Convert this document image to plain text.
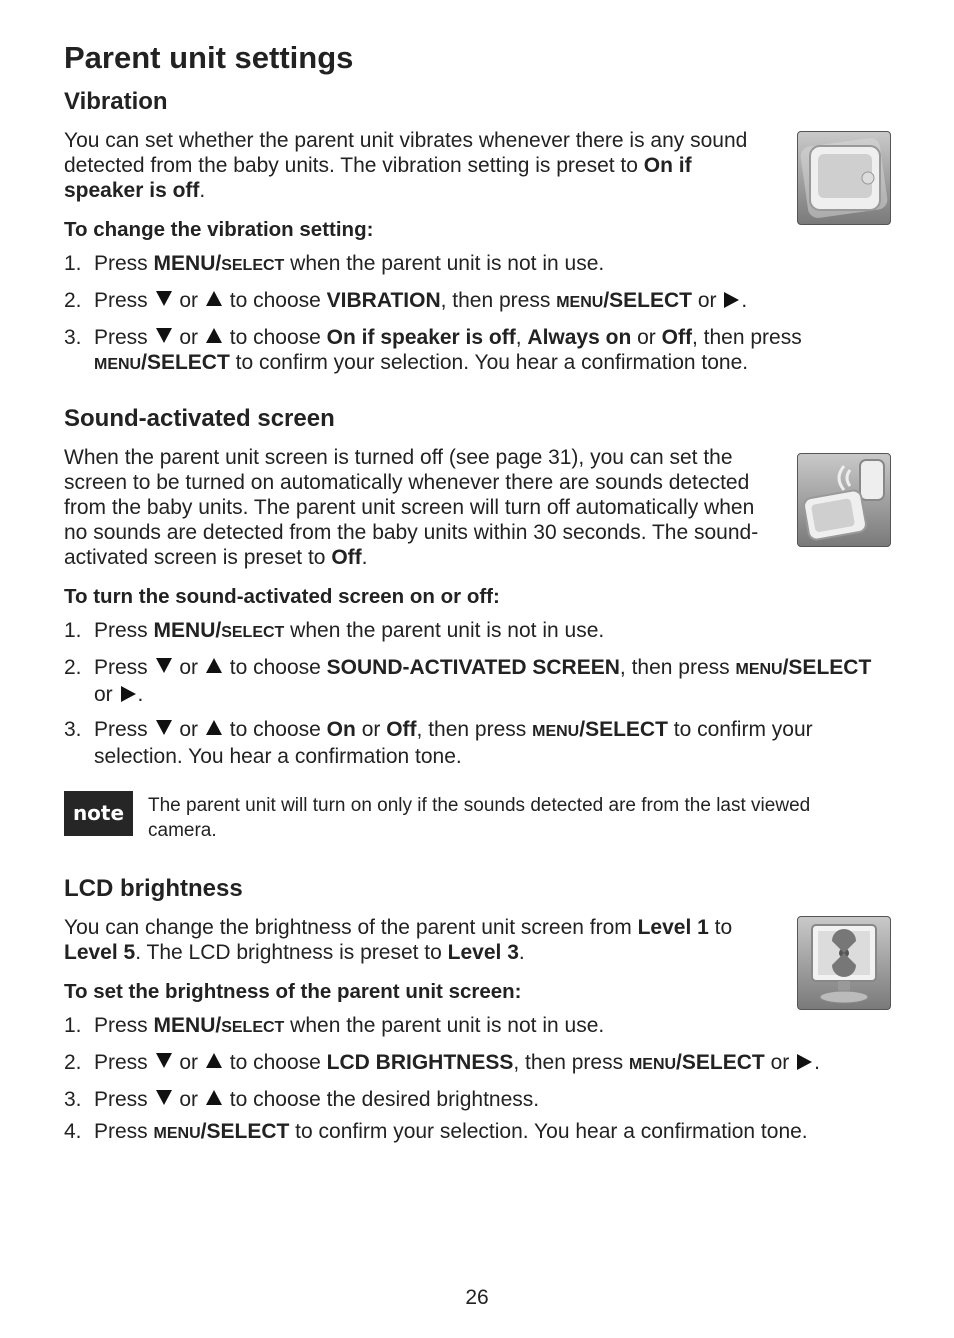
Parent unit settings
Vibration

You can set whether the parent unit vibrates whenever there is any sound detected from the baby units. The vibration setting is preset to On if speaker is off.

To change the vibration setting:

1. Press MENU/SELECT when the parent unit is not in use.
2. Press or to choose VIBRATION, then press MENU/SELECT or .
3. Press or to choose On if speaker is off, Always on or Off, then press MENU/SELECT to confirm your selection. You hear a confirmation tone.
Sound-activated screen

When the parent unit screen is turned off (see page 31), you can set the screen to be turned on automatically whenever there are sounds detected from the baby units. The parent unit screen will turn off automatically when no sounds are detected from the baby units within 30 seconds. The sound-activated screen is preset to Off.

To turn the sound-activated screen on or off:

1. Press MENU/SELECT when the parent unit is not in use.
2. Press or to choose SOUND-ACTIVATED SCREEN, then press MENU/SELECT or .
3. Press or to choose On or Off, then press MENU/SELECT to confirm your selection. You hear a confirmation tone.
note	The parent unit will turn on only if the sounds detected are from the last viewed camera.

LCD brightness

You can change the brightness of the parent unit screen from Level 1 to Level 5. The LCD brightness is preset to Level 3.

To set the brightness of the parent unit screen:

1. Press MENU/SELECT when the parent unit is not in use.
2. Press or to choose LCD BRIGHTNESS, then press MENU/SELECT or .
3. Press or to choose the desired brightness.
4. Press MENU/SELECT to confirm your selection. You hear a confirmation tone.
26
